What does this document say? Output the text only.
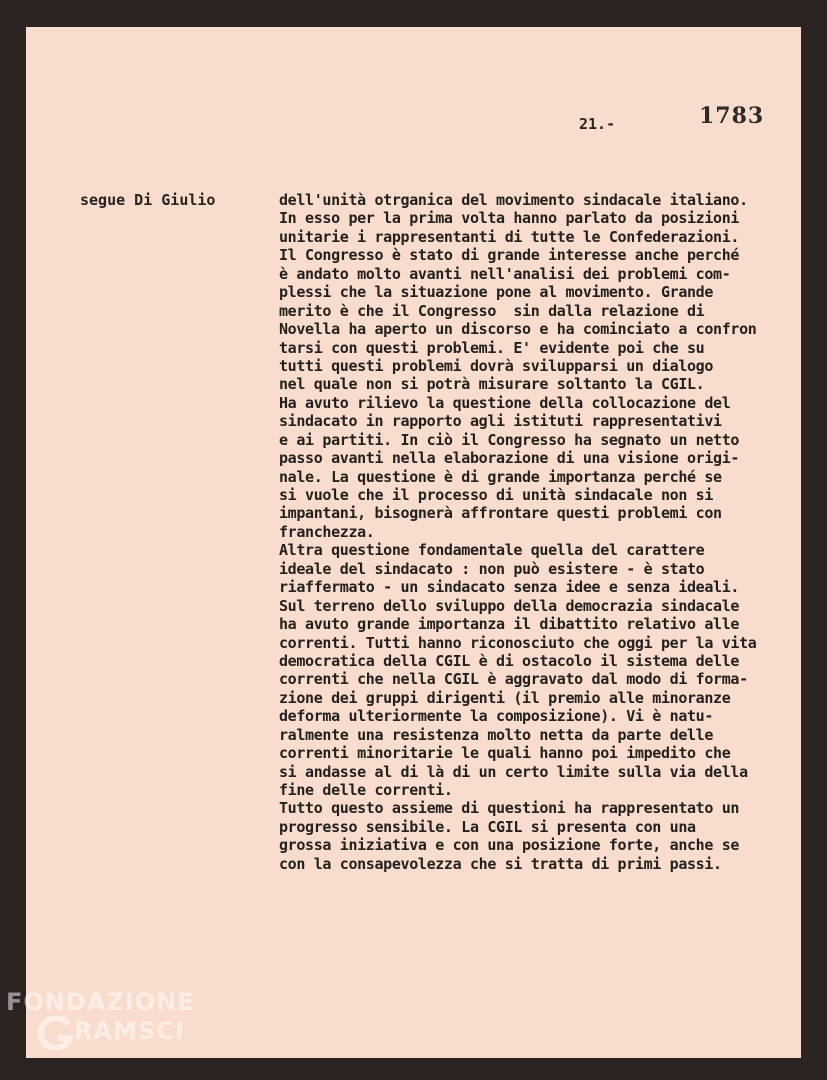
21.-	1783
segue Di Giulio	dell'unità otrganica del movimento sindacale italiano.
In esso per la prima volta hanno parlato da posizioni
unitarie i rappresentanti di tutte le Confederazioni.
Il Congresso è stato di grande interesse anche perché
è andato molto avanti nell'analisi dei problemi com-
plessi che la situazione pone al movimento. Grande
merito è che il Congresso  sin dalla relazione di
Novella ha aperto un discorso e ha cominciato a confron
tarsi con questi problemi. E' evidente poi che su
tutti questi problemi dovrà svilupparsi un dialogo
nel quale non si potrà misurare soltanto la CGIL.
Ha avuto rilievo la questione della collocazione del
sindacato in rapporto agli istituti rappresentativi
e ai partiti. In ciò il Congresso ha segnato un netto
passo avanti nella elaborazione di una visione origi-
nale. La questione è di grande importanza perché se
si vuole che il processo di unità sindacale non si
impantani, bisognerà affrontare questi problemi con
franchezza.
Altra questione fondamentale quella del carattere
ideale del sindacato : non può esistere - è stato
riaffermato - un sindacato senza idee e senza ideali.
Sul terreno dello sviluppo della democrazia sindacale
ha avuto grande importanza il dibattito relativo alle
correnti. Tutti hanno riconosciuto che oggi per la vita
democratica della CGIL è di ostacolo il sistema delle
correnti che nella CGIL è aggravato dal modo di forma-
zione dei gruppi dirigenti (il premio alle minoranze
deforma ulteriormente la composizione). Vi è natu-
ralmente una resistenza molto netta da parte delle
correnti minoritarie le quali hanno poi impedito che
si andasse al di là di un certo limite sulla via della
fine delle correnti.
Tutto questo assieme di questioni ha rappresentato un
progresso sensibile. La CGIL si presenta con una
grossa iniziativa e con una posizione forte, anche se
con la consapevolezza che si tratta di primi passi.
FONDAZIONE
RAMSCI
